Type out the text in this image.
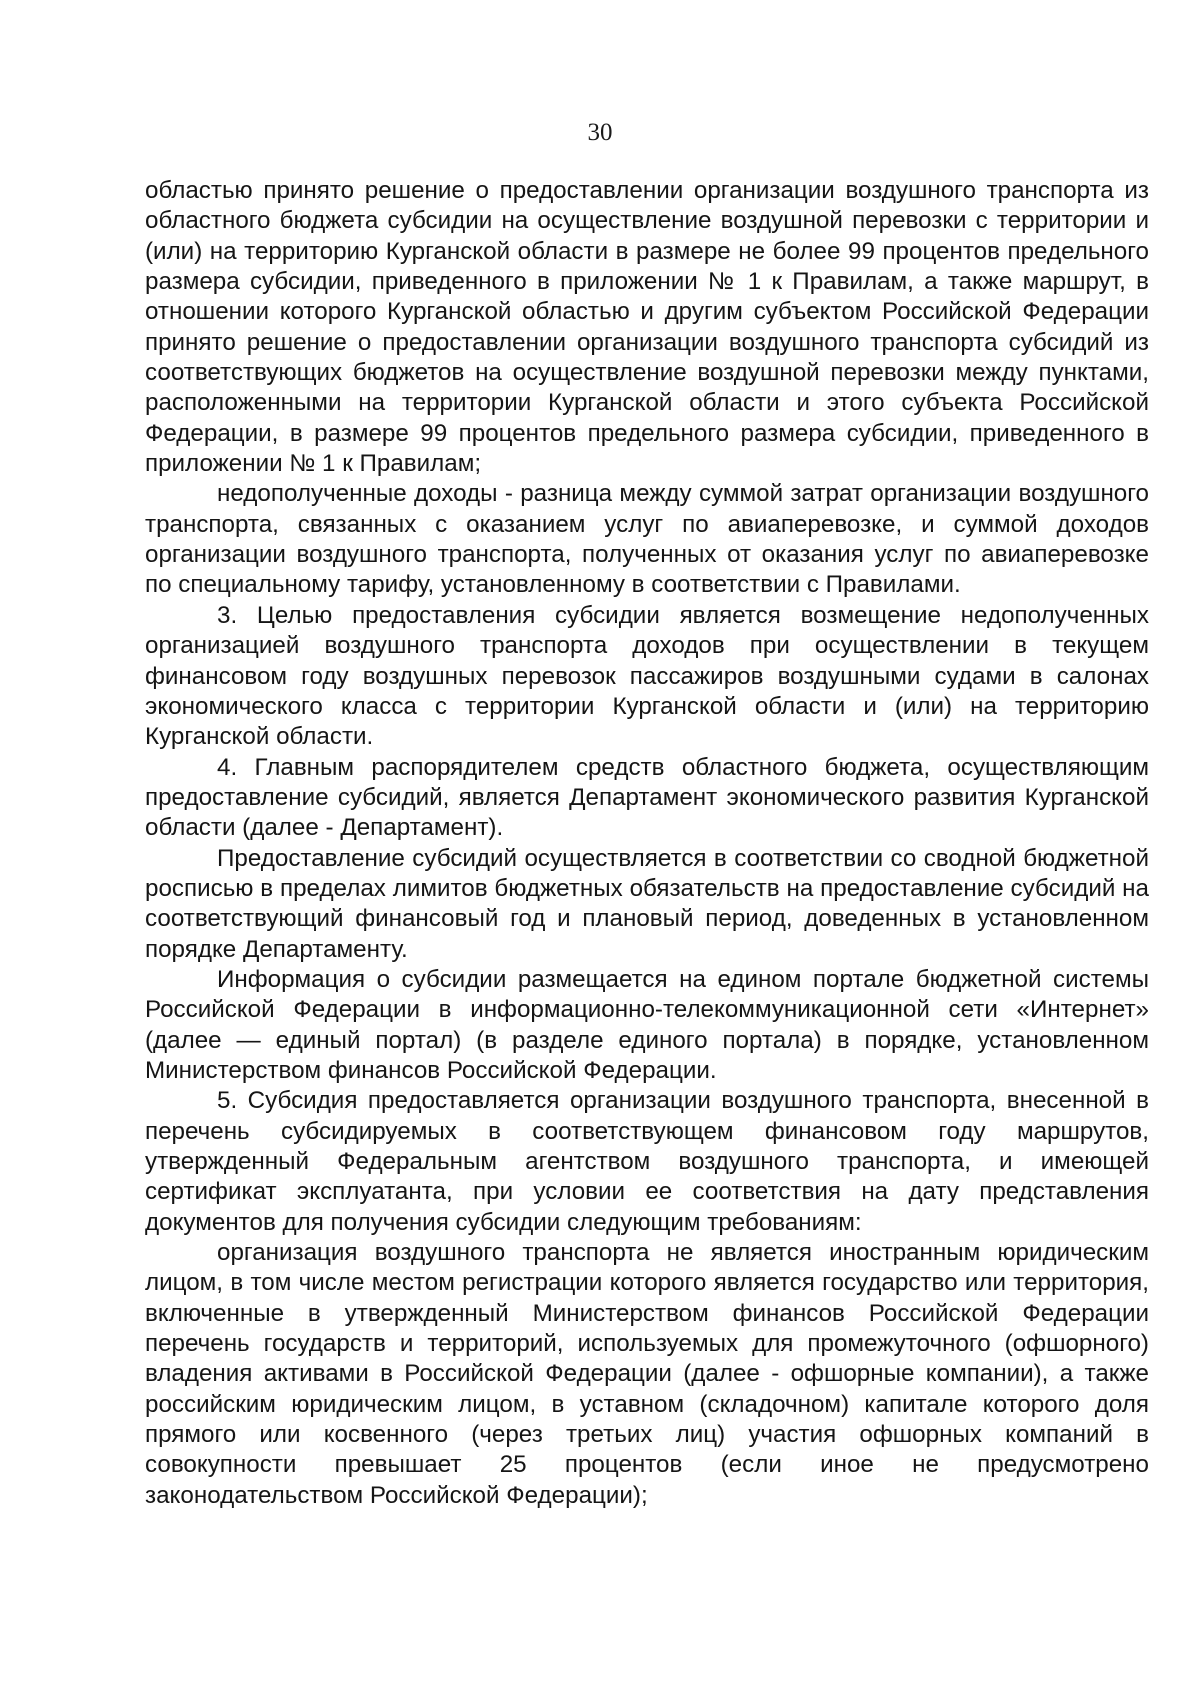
30

областью принято решение о предоставлении организации воздушного транспорта из областного бюджета субсидии на осуществление воздушной перевозки с территории и (или) на территорию Курганской области в размере не более 99 процентов предельного размера субсидии, приведенного в приложении № 1 к Правилам, а также маршрут, в отношении которого Курганской областью и другим субъектом Российской Федерации принято решение о предоставлении организации воздушного транспорта субсидий из соответствующих бюджетов на осуществление воздушной перевозки между пунктами, расположенными на территории Курганской области и этого субъекта Российской Федерации, в размере 99 процентов предельного размера субсидии, приведенного в приложении № 1 к Правилам;

недополученные доходы - разница между суммой затрат организации воздушного транспорта, связанных с оказанием услуг по авиаперевозке, и суммой доходов организации воздушного транспорта, полученных от оказания услуг по авиаперевозке по специальному тарифу, установленному в соответствии с Правилами.

3. Целью предоставления субсидии является возмещение недополученных организацией воздушного транспорта доходов при осуществлении в текущем финансовом году воздушных перевозок пассажиров воздушными судами в салонах экономического класса с территории Курганской области и (или) на территорию Курганской области.

4. Главным распорядителем средств областного бюджета, осуществляющим предоставление субсидий, является Департамент экономического развития Курганской области (далее - Департамент).

Предоставление субсидий осуществляется в соответствии со сводной бюджетной росписью в пределах лимитов бюджетных обязательств на предоставление субсидий на соответствующий финансовый год и плановый период, доведенных в установленном порядке Департаменту.

Информация о субсидии размещается на едином портале бюджетной системы Российской Федерации в информационно-телекоммуникационной сети «Интернет» (далее — единый портал) (в разделе единого портала) в порядке, установленном Министерством финансов Российской Федерации.

5. Субсидия предоставляется организации воздушного транспорта, внесенной в перечень субсидируемых в соответствующем финансовом году маршрутов, утвержденный Федеральным агентством воздушного транспорта, и имеющей сертификат эксплуатанта, при условии ее соответствия на дату представления документов для получения субсидии следующим требованиям:

организация воздушного транспорта не является иностранным юридическим лицом, в том числе местом регистрации которого является государство или территория, включенные в утвержденный Министерством финансов Российской Федерации перечень государств и территорий, используемых для промежуточного (офшорного) владения активами в Российской Федерации (далее - офшорные компании), а также российским юридическим лицом, в уставном (складочном) капитале которого доля прямого или косвенного (через третьих лиц) участия офшорных компаний в совокупности превышает 25 процентов (если иное не предусмотрено законодательством Российской Федерации);
